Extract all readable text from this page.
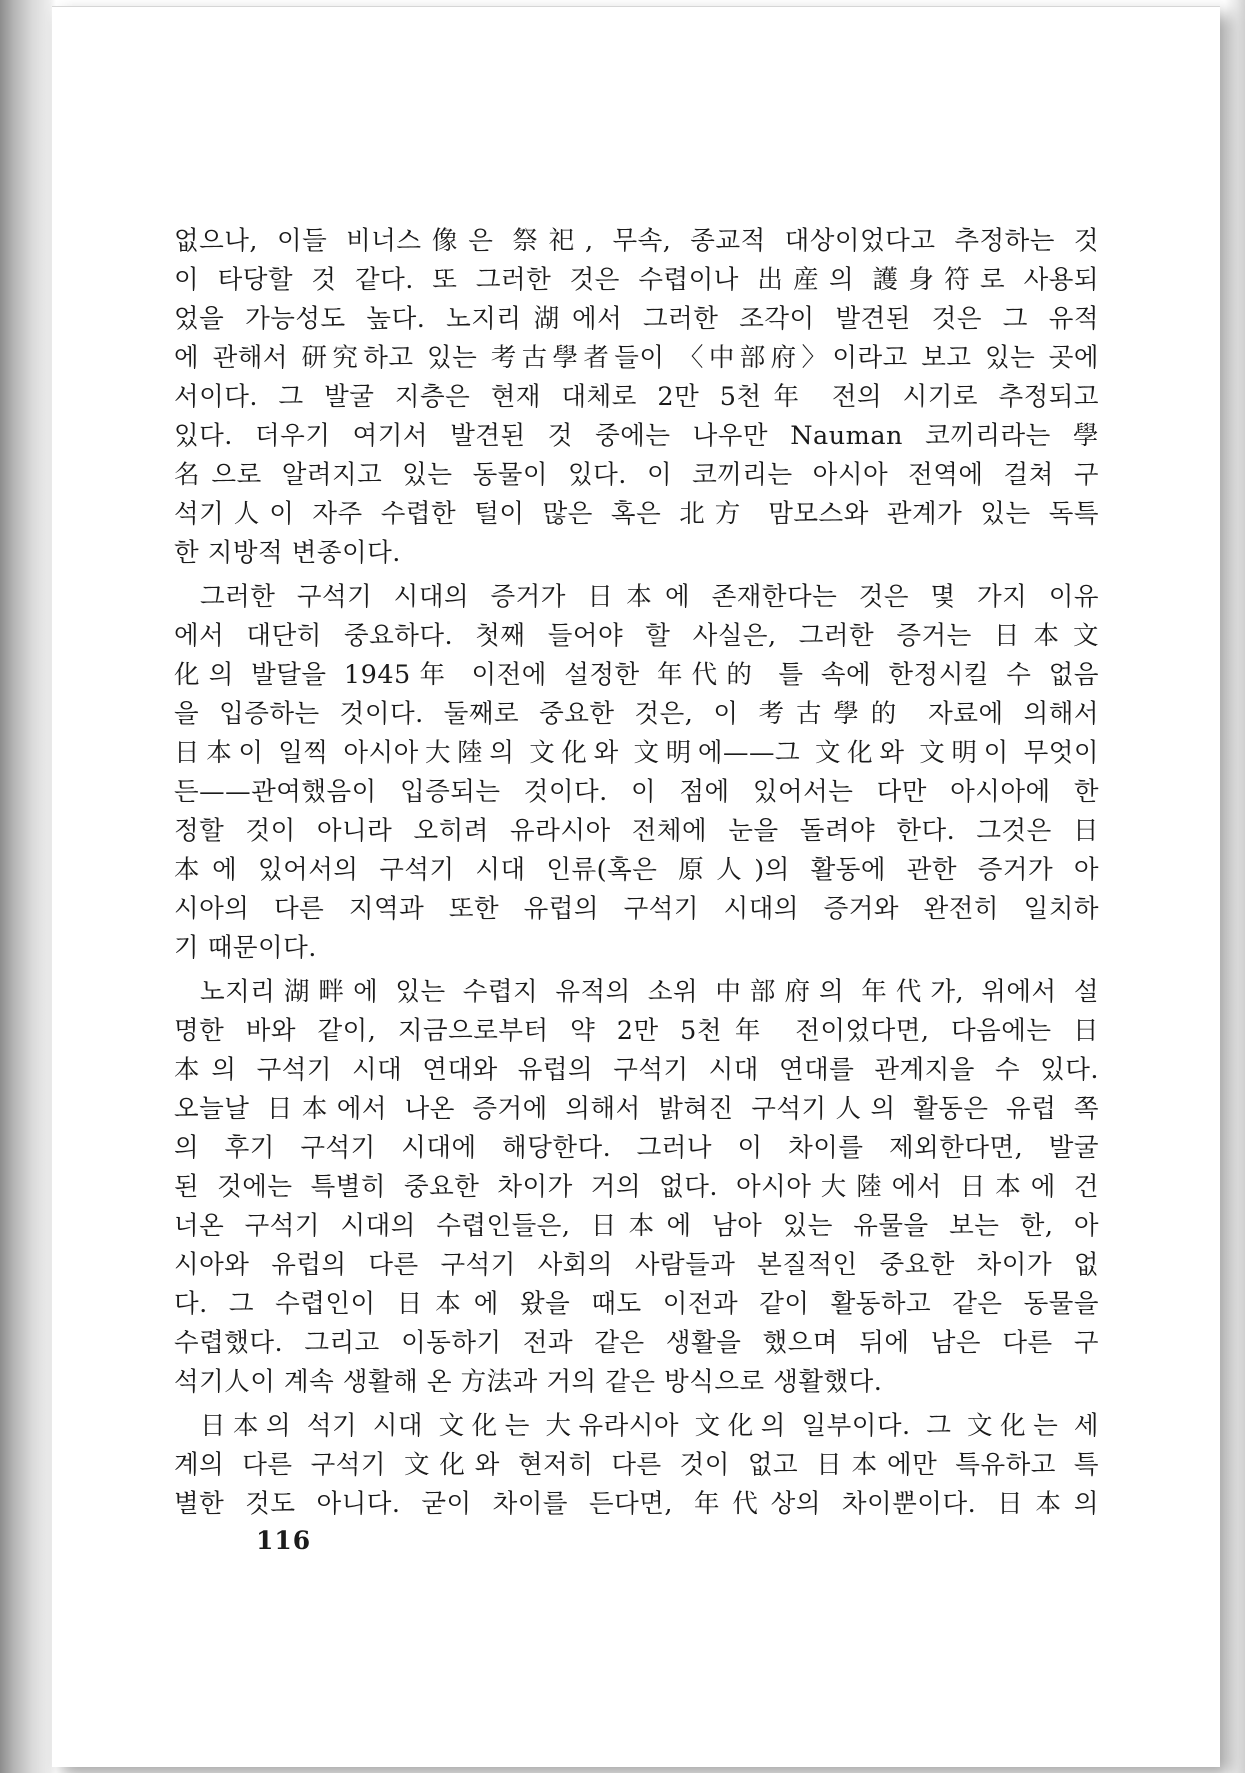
없으나, 이들 비너스像은 祭祀, 무속, 종교적 대상이었다고 추정하는 것
이 타당할 것 같다. 또 그러한 것은 수렵이나 出産의 護身符로 사용되
었을 가능성도 높다. 노지리湖에서 그러한 조각이 발견된 것은 그 유적
에 관해서 研究하고 있는 考古學者들이 〈中部府〉이라고 보고 있는 곳에
서이다. 그 발굴 지층은 현재 대체로 2만 5천年 전의 시기로 추정되고
있다. 더우기 여기서 발견된 것 중에는 나우만 Nauman 코끼리라는 學
名으로 알려지고 있는 동물이 있다. 이 코끼리는 아시아 전역에 걸쳐 구
석기人이 자주 수렵한 털이 많은 혹은 北方 맘모스와 관계가 있는 독특
한 지방적 변종이다.
그러한 구석기 시대의 증거가 日本에 존재한다는 것은 몇 가지 이유
에서 대단히 중요하다. 첫째 들어야 할 사실은, 그러한 증거는 日本文
化의 발달을 1945年 이전에 설정한 年代的 틀 속에 한정시킬 수 없음
을 입증하는 것이다. 둘째로 중요한 것은, 이 考古學的 자료에 의해서
日本이 일찍 아시아大陸의 文化와 文明에——그 文化와 文明이 무엇이
든——관여했음이 입증되는 것이다. 이 점에 있어서는 다만 아시아에 한
정할 것이 아니라 오히려 유라시아 전체에 눈을 돌려야 한다. 그것은 日
本에 있어서의 구석기 시대 인류(혹은 原人)의 활동에 관한 증거가 아
시아의 다른 지역과 또한 유럽의 구석기 시대의 증거와 완전히 일치하
기 때문이다.
노지리湖畔에 있는 수렵지 유적의 소위 中部府의 年代가, 위에서 설
명한 바와 같이, 지금으로부터 약 2만 5천年 전이었다면, 다음에는 日
本의 구석기 시대 연대와 유럽의 구석기 시대 연대를 관계지을 수 있다.
오늘날 日本에서 나온 증거에 의해서 밝혀진 구석기人의 활동은 유럽 쪽
의 후기 구석기 시대에 해당한다. 그러나 이 차이를 제외한다면, 발굴
된 것에는 특별히 중요한 차이가 거의 없다. 아시아大陸에서 日本에 건
너온 구석기 시대의 수렵인들은, 日本에 남아 있는 유물을 보는 한, 아
시아와 유럽의 다른 구석기 사회의 사람들과 본질적인 중요한 차이가 없
다. 그 수렵인이 日本에 왔을 때도 이전과 같이 활동하고 같은 동물을
수렵했다. 그리고 이동하기 전과 같은 생활을 했으며 뒤에 남은 다른 구
석기人이 계속 생활해 온 方法과 거의 같은 방식으로 생활했다.
日本의 석기 시대 文化는 大유라시아 文化의 일부이다. 그 文化는 세
계의 다른 구석기 文化와 현저히 다른 것이 없고 日本에만 특유하고 특
별한 것도 아니다. 굳이 차이를 든다면, 年代상의 차이뿐이다. 日本의
116
